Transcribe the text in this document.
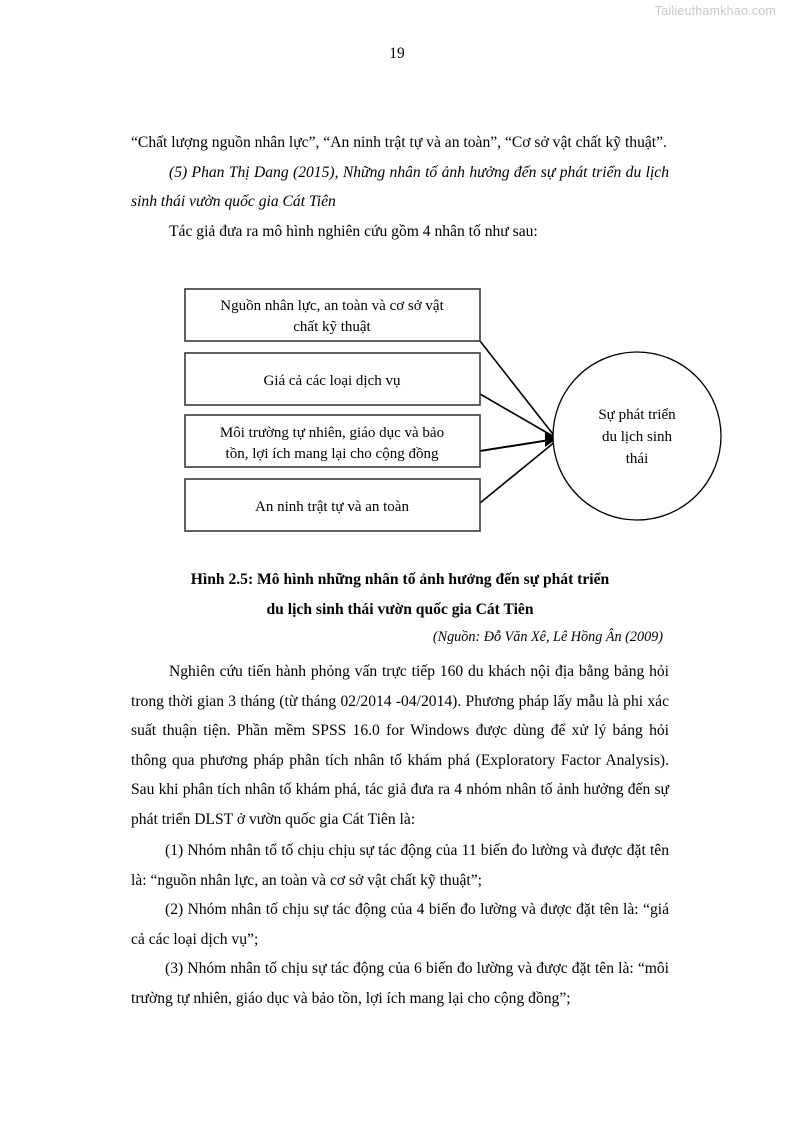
Tailieuthamkhao.com
19

“Chất lượng nguồn nhân lực”, “An ninh trật tự và an toàn”, “Cơ sở vật chất kỹ thuật”.

(5) Phan Thị Dang (2015), Những nhân tố ảnh hưởng đến sự phát triển du lịch sinh thái vườn quốc gia Cát Tiên

Tác giả đưa ra mô hình nghiên cứu gồm 4 nhân tố như sau:

Nguồn nhân lực, an toàn và cơ sở vật
chất kỹ thuật
Giá cả các loại dịch vụ
Môi trường tự nhiên, giáo dục và bảo
tồn, lợi ích mang lại cho cộng đồng
An ninh trật tự và an toàn
Sự phát triển
du lịch sinh
thái
Hình 2.5: Mô hình những nhân tố ảnh hưởng đến sự phát triển
du lịch sinh thái vườn quốc gia Cát Tiên
(Nguồn: Đỗ Văn Xê, Lê Hồng Ân (2009)

Nghiên cứu tiến hành phỏng vấn trực tiếp 160 du khách nội địa bằng bảng hỏi trong thời gian 3 tháng (từ tháng 02/2014 -04/2014). Phương pháp lấy mẫu là phi xác suất thuận tiện. Phần mềm SPSS 16.0 for Windows được dùng để xử lý bảng hỏi thông qua phương pháp phân tích nhân tố khám phá (Exploratory Factor Analysis). Sau khi phân tích nhân tố khám phá, tác giả đưa ra 4 nhóm nhân tố ảnh hưởng đến sự phát triển DLST ở vườn quốc gia Cát Tiên là:

(1) Nhóm nhân tố tố chịu chịu sự tác động của 11 biến đo lường và được đặt tên là: “nguồn nhân lực, an toàn và cơ sở vật chất kỹ thuật”;

(2) Nhóm nhân tố chịu sự tác động của 4 biến đo lường và được đặt tên là: “giá cả các loại dịch vụ”;

(3) Nhóm nhân tố chịu sự tác động của 6 biến đo lường và được đặt tên là: “môi trường tự nhiên, giáo dục và bảo tồn, lợi ích mang lại cho cộng đồng”;
